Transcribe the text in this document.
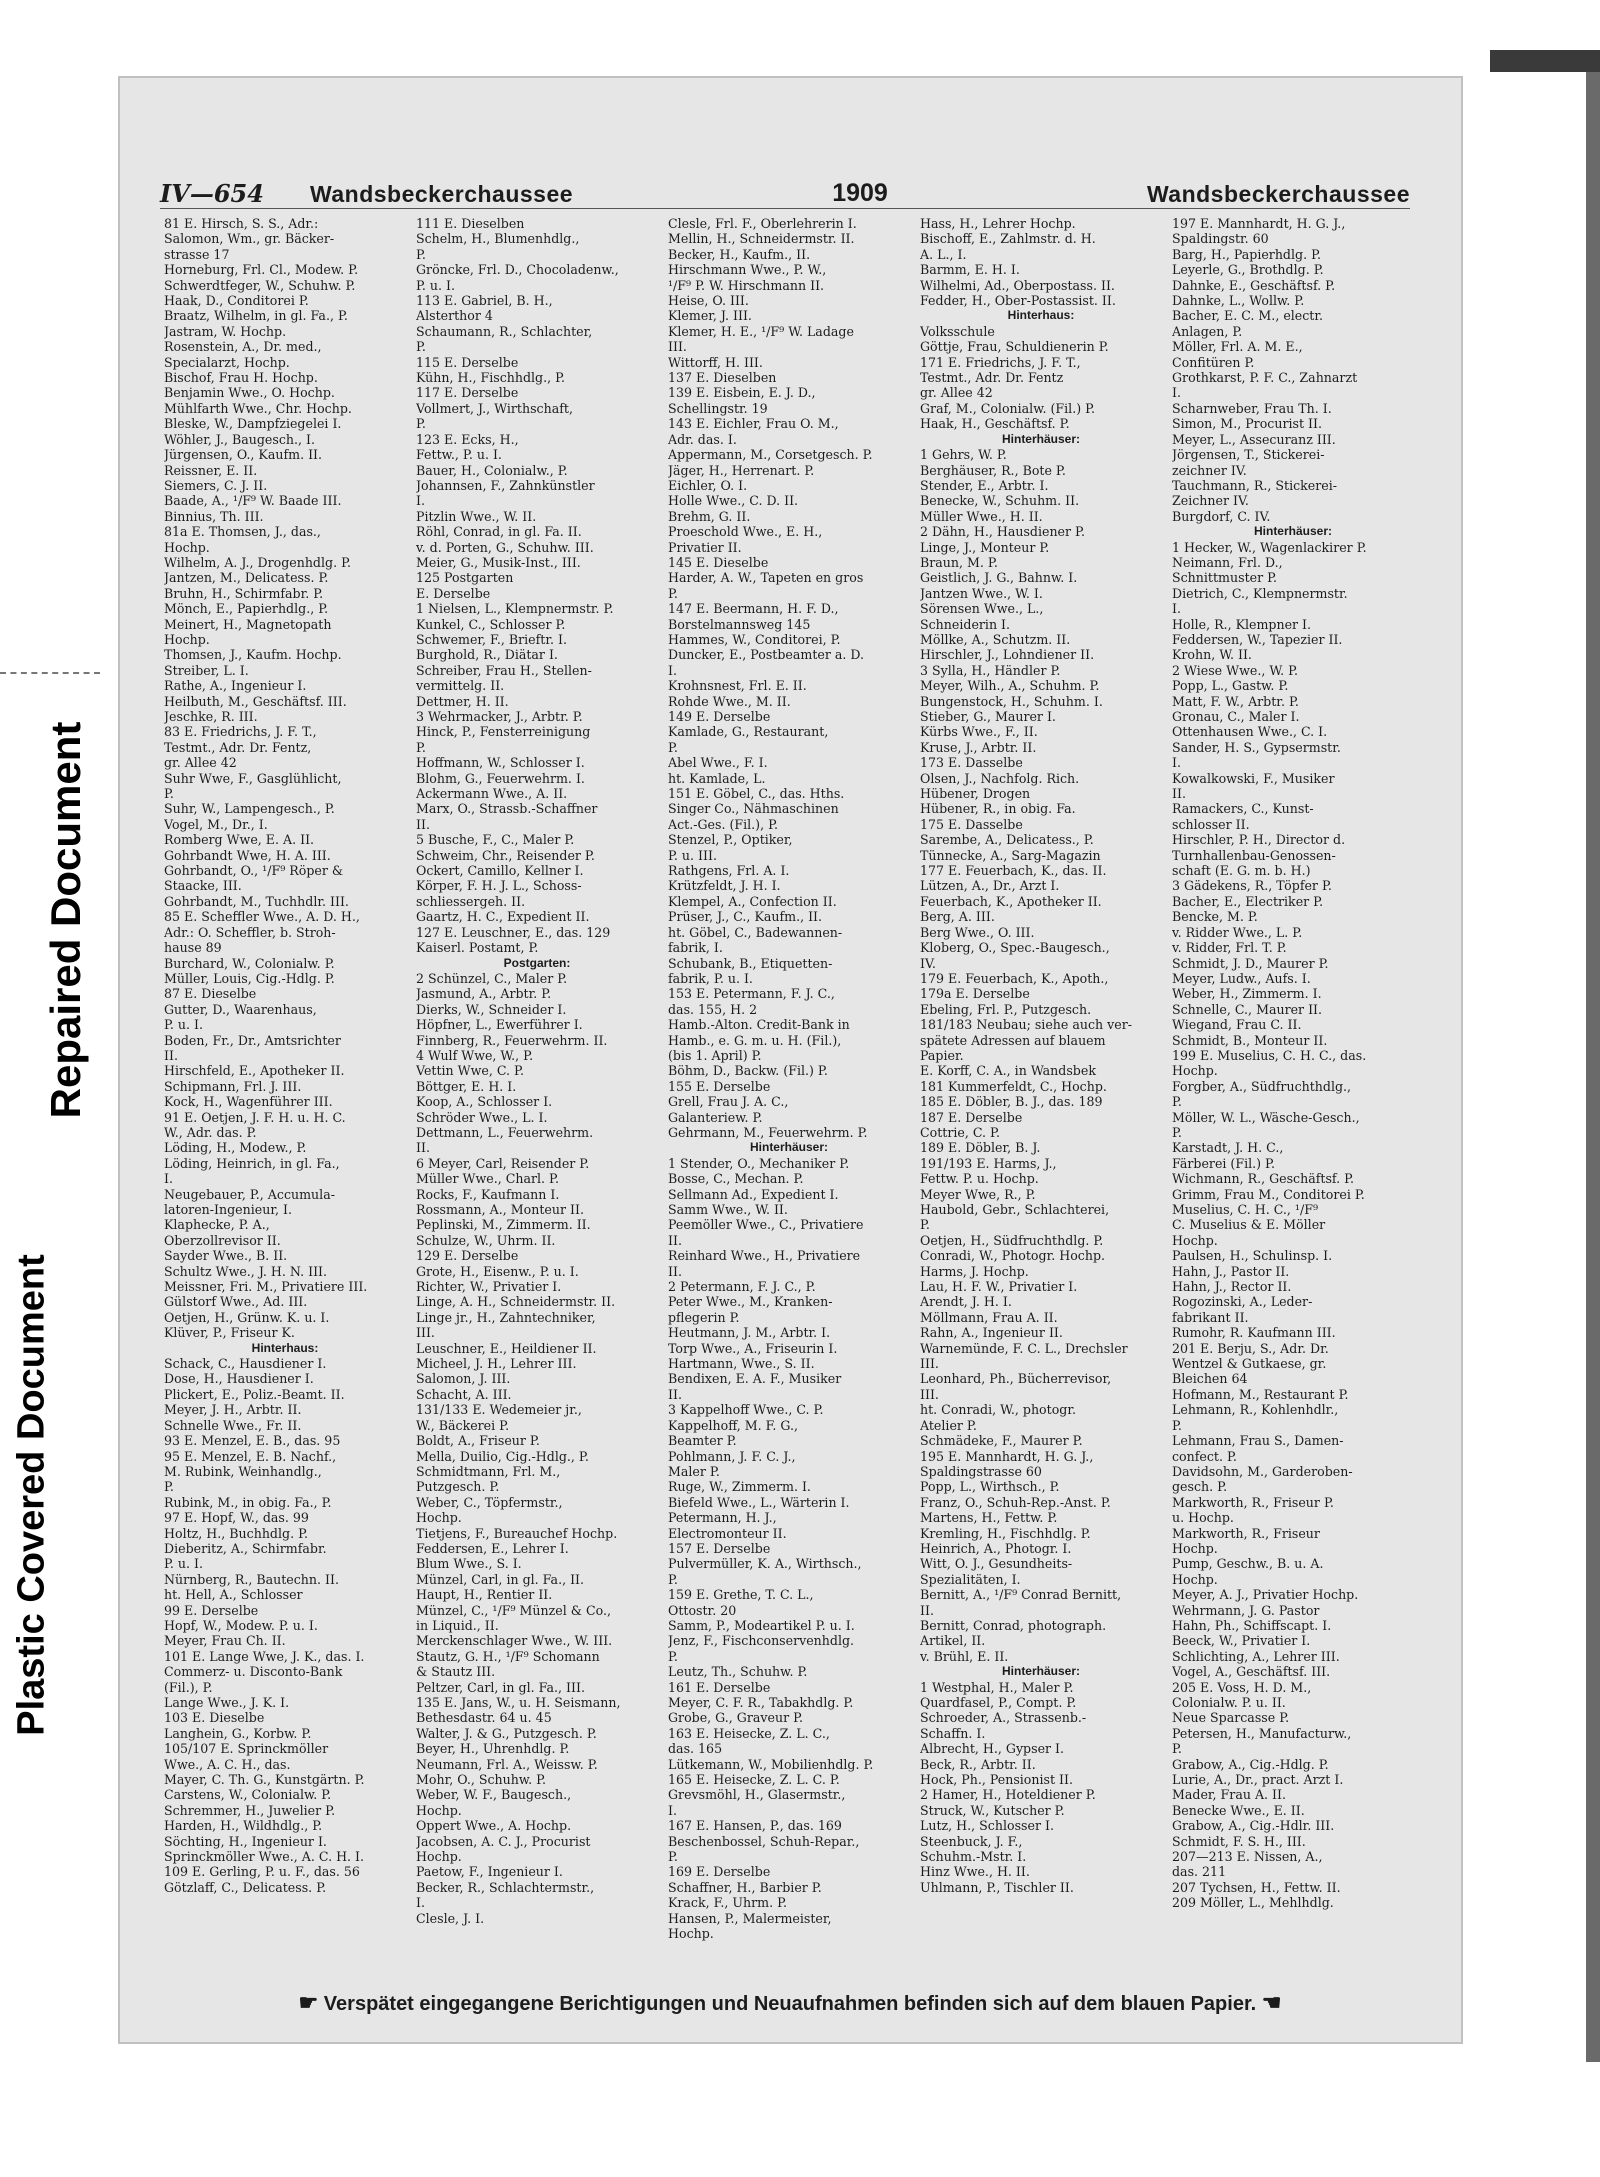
Plastic Covered Document
Repaired Document
IV—654	Wandsbeckerchaussee	1909	Wandsbeckerchaussee
81 E. Hirsch, S. S., Adr.:
Salomon, Wm., gr. Bäcker-
strasse 17
Horneburg, Frl. Cl., Modew. P.
Schwerdtfeger, W., Schuhw. P.
Haak, D., Conditorei P.
Braatz, Wilhelm, in gl. Fa., P.
Jastram, W. Hochp.
Rosenstein, A., Dr. med.,
Specialarzt, Hochp.
Bischof, Frau H. Hochp.
Benjamin Wwe., O. Hochp.
Mühlfarth Wwe., Chr. Hochp.
Bleske, W., Dampfziegelei I.
Wöhler, J., Baugesch., I.
Jürgensen, O., Kaufm. II.
Reissner, E. II.
Siemers, C. J. II.
Baade, A., ¹/F⁹ W. Baade III.
Binnius, Th. III.
81a E. Thomsen, J., das.,
Hochp.
Wilhelm, A. J., Drogenhdlg. P.
Jantzen, M., Delicatess. P.
Bruhn, H., Schirmfabr. P.
Mönch, E., Papierhdlg., P.
Meinert, H., Magnetopath
Hochp.
Thomsen, J., Kaufm. Hochp.
Streiber, L. I.
Rathe, A., Ingenieur I.
Heilbuth, M., Geschäftsf. III.
Jeschke, R. III.
83 E. Friedrichs, J. F. T.,
Testmt., Adr. Dr. Fentz,
gr. Allee 42
Suhr Wwe, F., Gasglühlicht,
P.
Suhr, W., Lampengesch., P.
Vogel, M., Dr., I.
Romberg Wwe, E. A. II.
Gohrbandt Wwe, H. A. III.
Gohrbandt, O., ¹/F⁹ Röper &
Staacke, III.
Gohrbandt, M., Tuchhdlr. III.
85 E. Scheffler Wwe., A. D. H.,
Adr.: O. Scheffler, b. Stroh-
hause 89
Burchard, W., Colonialw. P.
Müller, Louis, Cig.-Hdlg. P.
87 E. Dieselbe
Gutter, D., Waarenhaus,
P. u. I.
Boden, Fr., Dr., Amtsrichter
II.
Hirschfeld, E., Apotheker II.
Schipmann, Frl. J. III.
Kock, H., Wagenführer III.
91 E. Oetjen, J. F. H. u. H. C.
W., Adr. das. P.
Löding, H., Modew., P.
Löding, Heinrich, in gl. Fa.,
I.
Neugebauer, P., Accumula-
latoren-Ingenieur, I.
Klaphecke, P. A.,
Oberzollrevisor II.
Sayder Wwe., B. II.
Schultz Wwe., J. H. N. III.
Meissner, Fri. M., Privatiere III.
Gülstorf Wwe., Ad. III.
Oetjen, H., Grünw. K. u. I.
Klüver, P., Friseur K.
Hinterhaus:
Schack, C., Hausdiener I.
Dose, H., Hausdiener I.
Plickert, E., Poliz.-Beamt. II.
Meyer, J. H., Arbtr. II.
Schnelle Wwe., Fr. II.
93 E. Menzel, E. B., das. 95
95 E. Menzel, E. B. Nachf.,
M. Rubink, Weinhandlg.,
P.
Rubink, M., in obig. Fa., P.
97 E. Hopf, W., das. 99
Holtz, H., Buchhdlg. P.
Dieberitz, A., Schirmfabr.
P. u. I.
Nürnberg, R., Bautechn. II.
ht. Hell, A., Schlosser
99 E. Derselbe
Hopf, W., Modew. P. u. I.
Meyer, Frau Ch. II.
101 E. Lange Wwe, J. K., das. I.
Commerz- u. Disconto-Bank
(Fil.), P.
Lange Wwe., J. K. I.
103 E. Dieselbe
Langhein, G., Korbw. P.
105/107 E. Sprinckmöller
Wwe., A. C. H., das.
Mayer, C. Th. G., Kunstgärtn. P.
Carstens, W., Colonialw. P.
Schremmer, H., Juwelier P.
Harden, H., Wildhdlg., P.
Söchting, H., Ingenieur I.
Sprinckmöller Wwe., A. C. H. I.
109 E. Gerling, P. u. F., das. 56
Götzlaff, C., Delicatess. P.
111 E. Dieselben
Schelm, H., Blumenhdlg.,
P.
Gröncke, Frl. D., Chocoladenw.,
P. u. I.
113 E. Gabriel, B. H.,
Alsterthor 4
Schaumann, R., Schlachter,
P.
115 E. Derselbe
Kühn, H., Fischhdlg., P.
117 E. Derselbe
Vollmert, J., Wirthschaft,
P.
123 E. Ecks, H.,
Fettw., P. u. I.
Bauer, H., Colonialw., P.
Johannsen, F., Zahnkünstler
I.
Pitzlin Wwe., W. II.
Röhl, Conrad, in gl. Fa. II.
v. d. Porten, G., Schuhw. III.
Meier, G., Musik-Inst., III.
125 Postgarten
E. Derselbe
1 Nielsen, L., Klempnermstr. P.
Kunkel, C., Schlosser P.
Schwemer, F., Brieftr. I.
Burghold, R., Diätar I.
Schreiber, Frau H., Stellen-
vermittelg. II.
Dettmer, H. II.
3 Wehrmacker, J., Arbtr. P.
Hinck, P., Fensterreinigung
P.
Hoffmann, W., Schlosser I.
Blohm, G., Feuerwehrm. I.
Ackermann Wwe., A. II.
Marx, O., Strassb.-Schaffner
II.
5 Busche, F., C., Maler P.
Schweim, Chr., Reisender P.
Ockert, Camillo, Kellner I.
Körper, F. H. J. L., Schoss-
schliessergeh. II.
Gaartz, H. C., Expedient II.
127 E. Leuschner, E., das. 129
Kaiserl. Postamt, P.
Postgarten:
2 Schünzel, C., Maler P.
Jasmund, A., Arbtr. P.
Dierks, W., Schneider I.
Höpfner, L., Ewerführer I.
Finnberg, R., Feuerwehrm. II.
4 Wulf Wwe, W., P.
Vettin Wwe, C. P.
Böttger, E. H. I.
Koop, A., Schlosser I.
Schröder Wwe., L. I.
Dettmann, L., Feuerwehrm.
II.
6 Meyer, Carl, Reisender P.
Müller Wwe., Charl. P.
Rocks, F., Kaufmann I.
Rossmann, A., Monteur II.
Peplinski, M., Zimmerm. II.
Schulze, W., Uhrm. II.
129 E. Derselbe
Grote, H., Eisenw., P. u. I.
Richter, W., Privatier I.
Linge, A. H., Schneidermstr. II.
Linge jr., H., Zahntechniker,
III.
Leuschner, E., Heildiener II.
Micheel, J. H., Lehrer III.
Salomon, J. III.
Schacht, A. III.
131/133 E. Wedemeier jr.,
W., Bäckerei P.
Boldt, A., Friseur P.
Mella, Duilio, Cig.-Hdlg., P.
Schmidtmann, Frl. M.,
Putzgesch. P.
Weber, C., Töpfermstr.,
Hochp.
Tietjens, F., Bureauchef Hochp.
Feddersen, E., Lehrer I.
Blum Wwe., S. I.
Münzel, Carl, in gl. Fa., II.
Haupt, H., Rentier II.
Münzel, C., ¹/F⁹ Münzel & Co.,
in Liquid., II.
Merckenschlager Wwe., W. III.
Stautz, G. H., ¹/F⁹ Schomann
& Stautz III.
Peltzer, Carl, in gl. Fa., III.
135 E. Jans, W., u. H. Seismann,
Bethesdastr. 64 u. 45
Walter, J. & G., Putzgesch. P.
Beyer, H., Uhrenhdlg. P.
Neumann, Frl. A., Weissw. P.
Mohr, O., Schuhw. P.
Weber, W. F., Baugesch.,
Hochp.
Oppert Wwe., A. Hochp.
Jacobsen, A. C. J., Procurist
Hochp.
Paetow, F., Ingenieur I.
Becker, R., Schlachtermstr.,
I.
Clesle, J. I.
Clesle, Frl. F., Oberlehrerin I.
Mellin, H., Schneidermstr. II.
Becker, H., Kaufm., II.
Hirschmann Wwe., P. W.,
¹/F⁹ P. W. Hirschmann II.
Heise, O. III.
Klemer, J. III.
Klemer, H. E., ¹/F⁹ W. Ladage
III.
Wittorff, H. III.
137 E. Dieselben
139 E. Eisbein, E. J. D.,
Schellingstr. 19
143 E. Eichler, Frau O. M.,
Adr. das. I.
Appermann, M., Corsetgesch. P.
Jäger, H., Herrenart. P.
Eichler, O. I.
Holle Wwe., C. D. II.
Brehm, G. II.
Proeschold Wwe., E. H.,
Privatier II.
145 E. Dieselbe
Harder, A. W., Tapeten en gros
P.
147 E. Beermann, H. F. D.,
Borstelmannsweg 145
Hammes, W., Conditorei, P.
Duncker, E., Postbeamter a. D.
I.
Krohnsnest, Frl. E. II.
Rohde Wwe., M. II.
149 E. Derselbe
Kamlade, G., Restaurant,
P.
Abel Wwe., F. I.
ht. Kamlade, L.
151 E. Göbel, C., das. Hths.
Singer Co., Nähmaschinen
Act.-Ges. (Fil.), P.
Stenzel, P., Optiker,
P. u. III.
Rathgens, Frl. A. I.
Krützfeldt, J. H. I.
Klempel, A., Confection II.
Prüser, J., C., Kaufm., II.
ht. Göbel, C., Badewannen-
fabrik, I.
Schubank, B., Etiquetten-
fabrik, P. u. I.
153 E. Petermann, F. J. C.,
das. 155, H. 2
Hamb.-Alton. Credit-Bank in
Hamb., e. G. m. u. H. (Fil.),
(bis 1. April) P.
Böhm, D., Backw. (Fil.) P.
155 E. Derselbe
Grell, Frau J. A. C.,
Galanteriew. P.
Gehrmann, M., Feuerwehrm. P.
Hinterhäuser:
1 Stender, O., Mechaniker P.
Bosse, C., Mechan. P.
Sellmann Ad., Expedient I.
Samm Wwe., W. II.
Peemöller Wwe., C., Privatiere
II.
Reinhard Wwe., H., Privatiere
II.
2 Petermann, F. J. C., P.
Peter Wwe., M., Kranken-
pflegerin P.
Heutmann, J. M., Arbtr. I.
Torp Wwe., A., Friseurin I.
Hartmann, Wwe., S. II.
Bendixen, E. A. F., Musiker
II.
3 Kappelhoff Wwe., C. P.
Kappelhoff, M. F. G.,
Beamter P.
Pohlmann, J. F. C. J.,
Maler P.
Ruge, W., Zimmerm. I.
Biefeld Wwe., L., Wärterin I.
Petermann, H. J.,
Electromonteur II.
157 E. Derselbe
Pulvermüller, K. A., Wirthsch.,
P.
159 E. Grethe, T. C. L.,
Ottostr. 20
Samm, P., Modeartikel P. u. I.
Jenz, F., Fischconservenhdlg.
P.
Leutz, Th., Schuhw. P.
161 E. Derselbe
Meyer, C. F. R., Tabakhdlg. P.
Grobe, G., Graveur P.
163 E. Heisecke, Z. L. C.,
das. 165
Lütkemann, W., Mobilienhdlg. P.
165 E. Heisecke, Z. L. C. P.
Grevsmöhl, H., Glasermstr.,
I.
167 E. Hansen, P., das. 169
Beschenbossel, Schuh-Repar.,
P.
169 E. Derselbe
Schaffner, H., Barbier P.
Krack, F., Uhrm. P.
Hansen, P., Malermeister,
Hochp.
Hass, H., Lehrer Hochp.
Bischoff, E., Zahlmstr. d. H.
A. L., I.
Barmm, E. H. I.
Wilhelmi, Ad., Oberpostass. II.
Fedder, H., Ober-Postassist. II.
Hinterhaus:
Volksschule
Göttje, Frau, Schuldienerin P.
171 E. Friedrichs, J. F. T.,
Testmt., Adr. Dr. Fentz
gr. Allee 42
Graf, M., Colonialw. (Fil.) P.
Haak, H., Geschäftsf. P.
Hinterhäuser:
1 Gehrs, W. P.
Berghäuser, R., Bote P.
Stender, E., Arbtr. I.
Benecke, W., Schuhm. II.
Müller Wwe., H. II.
2 Dähn, H., Hausdiener P.
Linge, J., Monteur P.
Braun, M. P.
Geistlich, J. G., Bahnw. I.
Jantzen Wwe., W. I.
Sörensen Wwe., L.,
Schneiderin I.
Möllke, A., Schutzm. II.
Hirschler, J., Lohndiener II.
3 Sylla, H., Händler P.
Meyer, Wilh., A., Schuhm. P.
Bungenstock, H., Schuhm. I.
Stieber, G., Maurer I.
Kürbs Wwe., F., II.
Kruse, J., Arbtr. II.
173 E. Dasselbe
Olsen, J., Nachfolg. Rich.
Hübener, Drogen
Hübener, R., in obig. Fa.
175 E. Dasselbe
Sarembe, A., Delicatess., P.
Tünnecke, A., Sarg-Magazin
177 E. Feuerbach, K., das. II.
Lützen, A., Dr., Arzt I.
Feuerbach, K., Apotheker II.
Berg, A. III.
Berg Wwe., O. III.
Kloberg, O., Spec.-Baugesch.,
IV.
179 E. Feuerbach, K., Apoth.,
179a E. Derselbe
Ebeling, Frl. P., Putzgesch.
181/183 Neubau; siehe auch ver-
spätete Adressen auf blauem
Papier.
E. Korff, C. A., in Wandsbek
181 Kummerfeldt, C., Hochp.
185 E. Döbler, B. J., das. 189
187 E. Derselbe
Cottrie, C. P.
189 E. Döbler, B. J.
191/193 E. Harms, J.,
Fettw. P. u. Hochp.
Meyer Wwe, R., P.
Haubold, Gebr., Schlachterei,
P.
Oetjen, H., Südfruchthdlg. P.
Conradi, W., Photogr. Hochp.
Harms, J. Hochp.
Lau, H. F. W., Privatier I.
Arendt, J. H. I.
Möllmann, Frau A. II.
Rahn, A., Ingenieur II.
Warnemünde, F. C. L., Drechsler
III.
Leonhard, Ph., Bücherrevisor,
III.
ht. Conradi, W., photogr.
Atelier P.
Schmädeke, F., Maurer P.
195 E. Mannhardt, H. G. J.,
Spaldingstrasse 60
Popp, L., Wirthsch., P.
Franz, O., Schuh-Rep.-Anst. P.
Martens, H., Fettw. P.
Kremling, H., Fischhdlg. P.
Heinrich, A., Photogr. I.
Witt, O. J., Gesundheits-
Spezialitäten, I.
Bernitt, A., ¹/F⁹ Conrad Bernitt,
II.
Bernitt, Conrad, photograph.
Artikel, II.
v. Brühl, E. II.
Hinterhäuser:
1 Westphal, H., Maler P.
Quardfasel, P., Compt. P.
Schroeder, A., Strassenb.-
Schaffn. I.
Albrecht, H., Gypser I.
Beck, R., Arbtr. II.
Hock, Ph., Pensionist II.
2 Hamer, H., Hoteldiener P.
Struck, W., Kutscher P.
Lutz, H., Schlosser I.
Steenbuck, J. F.,
Schuhm.-Mstr. I.
Hinz Wwe., H. II.
Uhlmann, P., Tischler II.
197 E. Mannhardt, H. G. J.,
Spaldingstr. 60
Barg, H., Papierhdlg. P.
Leyerle, G., Brothdlg. P.
Dahnke, E., Geschäftsf. P.
Dahnke, L., Wollw. P.
Bacher, E. C. M., electr.
Anlagen, P.
Möller, Frl. A. M. E.,
Confitüren P.
Grothkarst, P. F. C., Zahnarzt
I.
Scharnweber, Frau Th. I.
Simon, M., Procurist II.
Meyer, L., Assecuranz III.
Jörgensen, T., Stickerei-
zeichner IV.
Tauchmann, R., Stickerei-
Zeichner IV.
Burgdorf, C. IV.
Hinterhäuser:
1 Hecker, W., Wagenlackirer P.
Neimann, Frl. D.,
Schnittmuster P.
Dietrich, C., Klempnermstr.
I.
Holle, R., Klempner I.
Feddersen, W., Tapezier II.
Krohn, W. II.
2 Wiese Wwe., W. P.
Popp, L., Gastw. P.
Matt, F. W., Arbtr. P.
Gronau, C., Maler I.
Ottenhausen Wwe., C. I.
Sander, H. S., Gypsermstr.
I.
Kowalkowski, F., Musiker
II.
Ramackers, C., Kunst-
schlosser II.
Hirschler, P. H., Director d.
Turnhallenbau-Genossen-
schaft (E. G. m. b. H.)
3 Gädekens, R., Töpfer P.
Bacher, E., Electriker P.
Bencke, M. P.
v. Ridder Wwe., L. P.
v. Ridder, Frl. T. P.
Schmidt, J. D., Maurer P.
Meyer, Ludw., Aufs. I.
Weber, H., Zimmerm. I.
Schnelle, C., Maurer II.
Wiegand, Frau C. II.
Schmidt, B., Monteur II.
199 E. Muselius, C. H. C., das.
Hochp.
Forgber, A., Südfruchthdlg.,
P.
Möller, W. L., Wäsche-Gesch.,
P.
Karstadt, J. H. C.,
Färberei (Fil.) P.
Wichmann, R., Geschäftsf. P.
Grimm, Frau M., Conditorei P.
Muselius, C. H. C., ¹/F⁹
C. Muselius & E. Möller
Hochp.
Paulsen, H., Schulinsp. I.
Hahn, J., Pastor II.
Hahn, J., Rector II.
Rogozinski, A., Leder-
fabrikant II.
Rumohr, R. Kaufmann III.
201 E. Berju, S., Adr. Dr.
Wentzel & Gutkaese, gr.
Bleichen 64
Hofmann, M., Restaurant P.
Lehmann, R., Kohlenhdlr.,
P.
Lehmann, Frau S., Damen-
confect. P.
Davidsohn, M., Garderoben-
gesch. P.
Markworth, R., Friseur P.
u. Hochp.
Markworth, R., Friseur
Hochp.
Pump, Geschw., B. u. A.
Hochp.
Meyer, A. J., Privatier Hochp.
Wehrmann, J. G. Pastor
Hahn, Ph., Schiffscapt. I.
Beeck, W., Privatier I.
Schlichting, A., Lehrer III.
Vogel, A., Geschäftsf. III.
205 E. Voss, H. D. M.,
Colonialw. P. u. II.
Neue Sparcasse P.
Petersen, H., Manufacturw.,
P.
Grabow, A., Cig.-Hdlg. P.
Lurie, A., Dr., pract. Arzt I.
Mader, Frau A. II.
Benecke Wwe., E. II.
Grabow, A., Cig.-Hdlr. III.
Schmidt, F. S. H., III.
207—213 E. Nissen, A.,
das. 211
207 Tychsen, H., Fettw. II.
209 Möller, L., Mehlhdlg.
☛ Verspätet eingegangene Berichtigungen und Neuaufnahmen befinden sich auf dem blauen Papier. ☚
